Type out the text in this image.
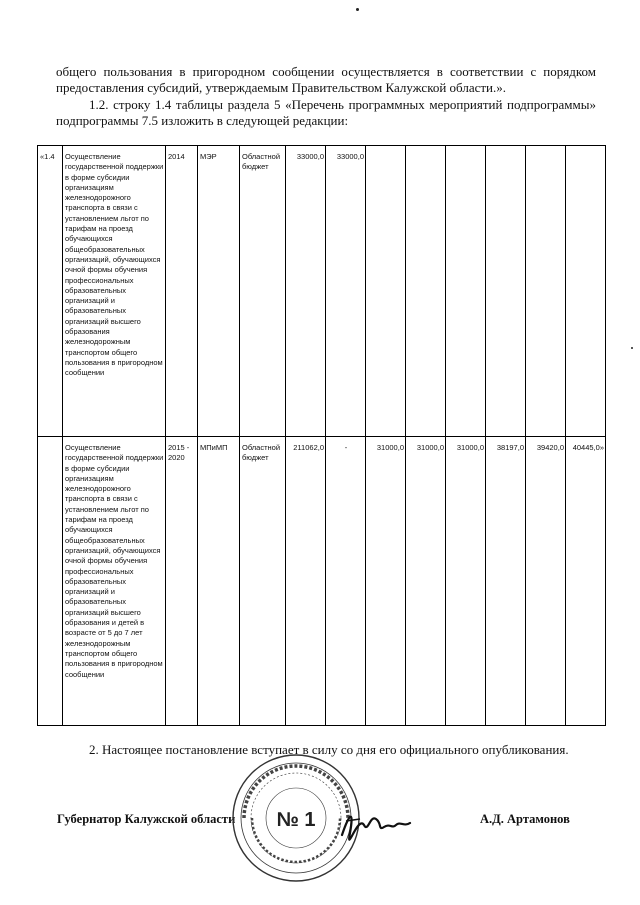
общего пользования в пригородном сообщении осуществляется в соответствии с порядком предоставления субсидий, утверждаемым Правительством Калужской области.».
1.2. строку 1.4 таблицы раздела 5 «Перечень программных мероприятий подпрограммы» подпрограммы 7.5 изложить в следующей редакции:
«1.4	Осуществление государственной поддержки в форме субсидии организациям железнодорожного транспорта в связи с установлением льгот по тарифам на проезд обучающихся общеобразовательных организаций, обучающихся очной формы обучения профессиональных образовательных организаций и образовательных организаций высшего образования железнодорожным транспортом общего пользования в пригородном сообщении	2014	МЭР	Областной бюджет	33000,0	33000,0						
	Осуществление государственной поддержки в форме субсидии организациям железнодорожного транспорта в связи с установлением льгот по тарифам на проезд обучающихся общеобразовательных организаций, обучающихся очной формы обучения профессиональных образовательных организаций и образовательных организаций высшего образования и детей в возрасте от 5 до 7 лет железнодорожным транспортом общего пользования в пригородном сообщении	2015 - 2020	МПиМП	Областной бюджет	211062,0	-	31000,0	31000,0	31000,0	38197,0	39420,0	40445,0»
2. Настоящее постановление вступает в силу со дня его официального опубликования.
Губернатор Калужской области	А.Д. Артамонов
№ 1
